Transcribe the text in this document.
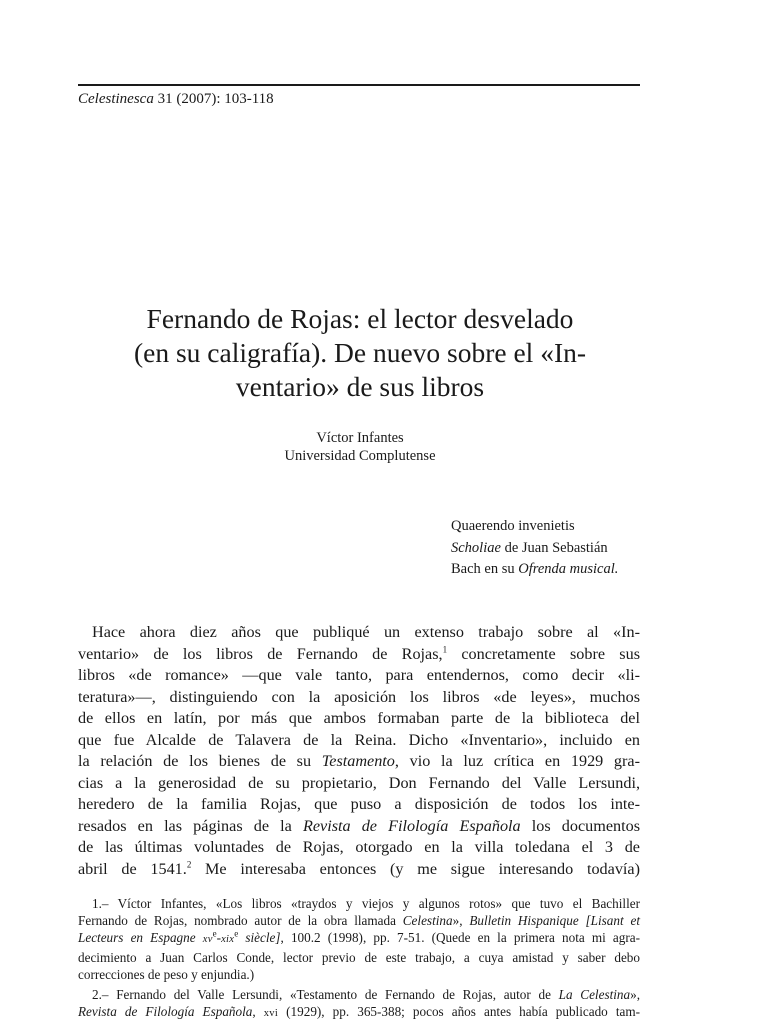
Celestinesca 31 (2007): 103-118
Fernando de Rojas: el lector desvelado
(en su caligrafía). De nuevo sobre el «In-
ventario» de sus libros
Víctor Infantes
Universidad Complutense
Quaerendo invenietis
Scholiae de Juan Sebastián
Bach en su Ofrenda musical.
Hace ahora diez años que publiqué un extenso trabajo sobre al «In-
ventario» de los libros de Fernando de Rojas,$^1$ concretamente sobre sus
libros «de romance» —que vale tanto, para entendernos, como decir «li-
teratura»—, distinguiendo con la aposición los libros «de leyes», muchos
de ellos en latín, por más que ambos formaban parte de la biblioteca del
que fue Alcalde de Talavera de la Reina. Dicho «Inventario», incluido en
la relación de los bienes de su Testamento, vio la luz crítica en 1929 gra-
cias a la generosidad de su propietario, Don Fernando del Valle Lersundi,
heredero de la familia Rojas, que puso a disposición de todos los inte-
resados en las páginas de la Revista de Filología Española los documentos
de las últimas voluntades de Rojas, otorgado en la villa toledana el 3 de
abril de 1541.$^2$ Me interesaba entonces (y me sigue interesando todavía)
1.– Víctor Infantes, «Los libros «traydos y viejos y algunos rotos» que tuvo el Bachiller
Fernando de Rojas, nombrado autor de la obra llamada Celestina», Bulletin Hispanique [Lisant et
Lecteurs en Espagne $xv^e-xix^e$ siècle], 100.2 (1998), pp. 7-51. (Quede en la primera nota mi agra-
decimiento a Juan Carlos Conde, lector previo de este trabajo, a cuya amistad y saber debo
correcciones de peso y enjundia.)
2.– Fernando del Valle Lersundi, «Testamento de Fernando de Rojas, autor de La Celestina»,
Revista de Filología Española, xvi (1929), pp. 365-388; pocos años antes había publicado tam-
